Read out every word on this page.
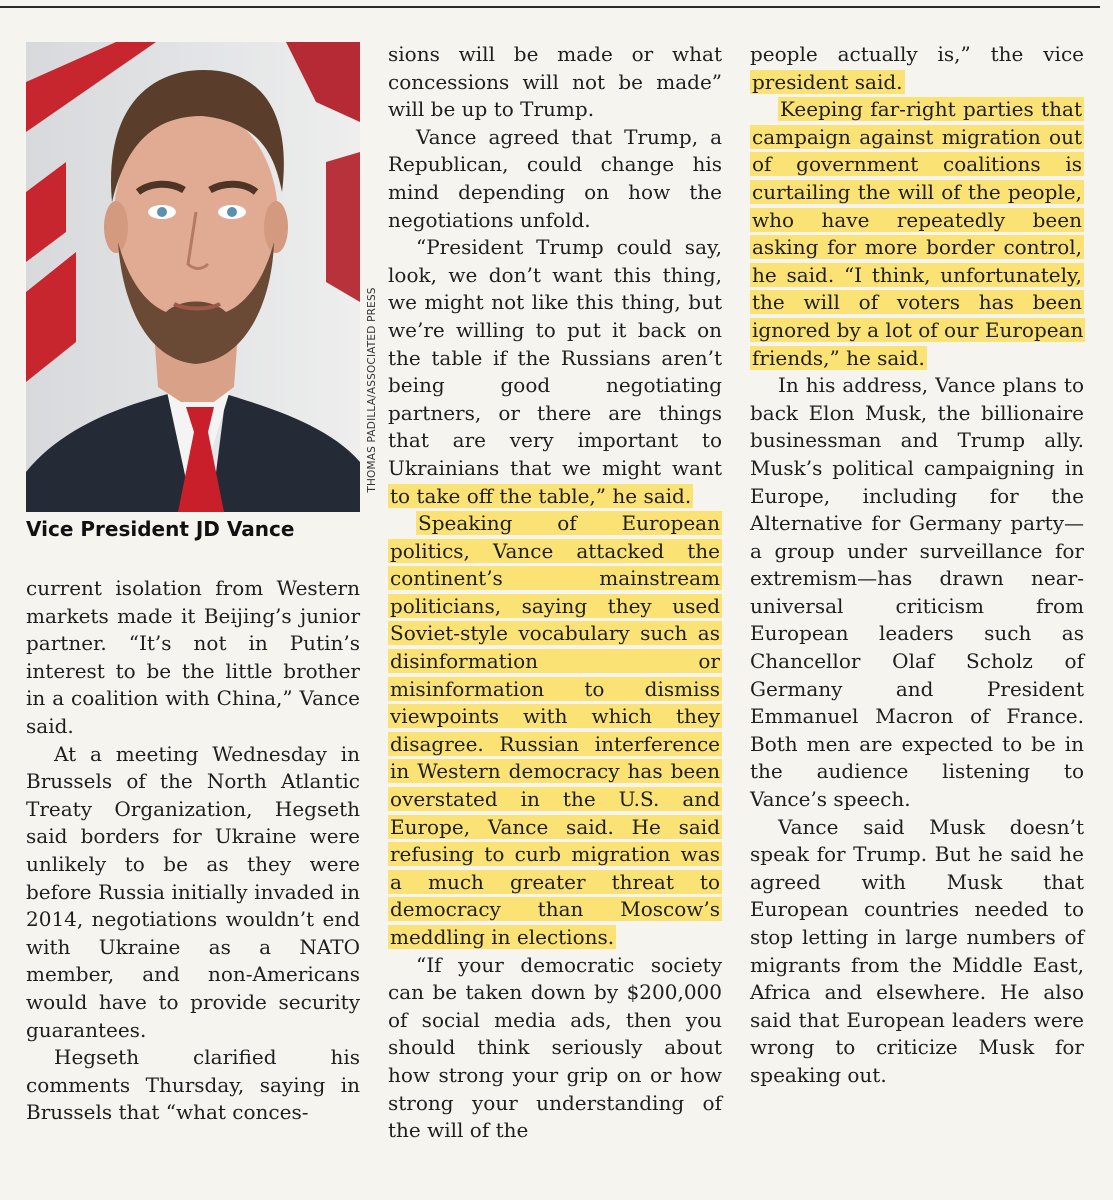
THOMAS PADILLA/ASSOCIATED PRESS
Vice President JD Vance

current isolation from Western markets made it Beijing’s junior partner. “It’s not in Putin’s interest to be the little brother in a coalition with China,” Vance said.

At a meeting Wednesday in Brussels of the North Atlantic Treaty Organization, Hegseth said borders for Ukraine were unlikely to be as they were before Russia initially invaded in 2014, negotiations wouldn’t end with Ukraine as a NATO member, and non-Americans would have to provide security guarantees.

Hegseth clarified his comments Thursday, saying in Brussels that “what conces-

sions will be made or what concessions will not be made” will be up to Trump.

Vance agreed that Trump, a Republican, could change his mind depending on how the negotiations unfold.

“President Trump could say, look, we don’t want this thing, we might not like this thing, but we’re willing to put it back on the table if the Russians aren’t being good negotiating partners, or there are things that are very important to Ukrainians that we might want to take off the table,” he said.

Speaking of European politics, Vance attacked the continent’s mainstream politicians, saying they used Soviet-style vocabulary such as disinformation or misinformation to dismiss viewpoints with which they disagree. Russian interference in Western democracy has been overstated in the U.S. and Europe, Vance said. He said refusing to curb migration was a much greater threat to democracy than Moscow’s meddling in elections.

“If your democratic society can be taken down by $200,000 of social media ads, then you should think seriously about how strong your grip on or how strong your understanding of the will of the

people actually is,” the vice president said.

Keeping far-right parties that campaign against migration out of government coalitions is curtailing the will of the people, who have repeatedly been asking for more border control, he said. “I think, unfortunately, the will of voters has been ignored by a lot of our European friends,” he said.

In his address, Vance plans to back Elon Musk, the billionaire businessman and Trump ally. Musk’s political campaigning in Europe, including for the Alternative for Germany party—a group under surveillance for extremism—has drawn near-universal criticism from European leaders such as Chancellor Olaf Scholz of Germany and President Emmanuel Macron of France. Both men are expected to be in the audience listening to Vance’s speech.

Vance said Musk doesn’t speak for Trump. But he said he agreed with Musk that European countries needed to stop letting in large numbers of migrants from the Middle East, Africa and elsewhere. He also said that European leaders were wrong to criticize Musk for speaking out.
